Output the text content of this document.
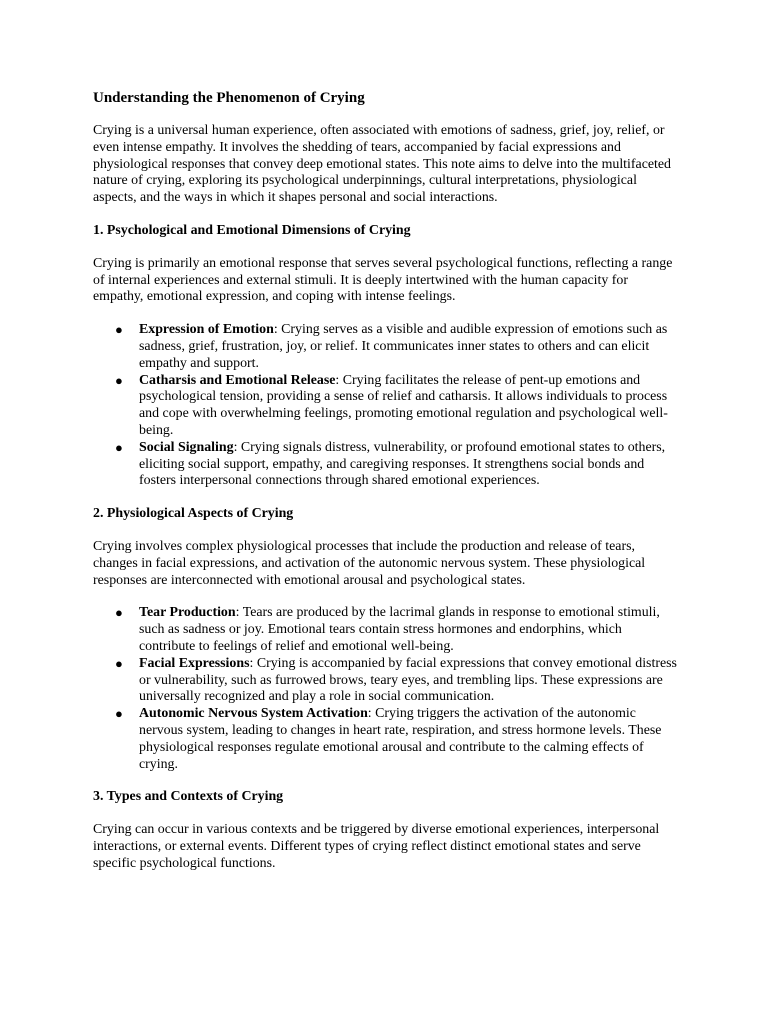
Understanding the Phenomenon of Crying

Crying is a universal human experience, often associated with emotions of sadness, grief, joy, relief, or even intense empathy. It involves the shedding of tears, accompanied by facial expressions and physiological responses that convey deep emotional states. This note aims to delve into the multifaceted nature of crying, exploring its psychological underpinnings, cultural interpretations, physiological aspects, and the ways in which it shapes personal and social interactions.

1. Psychological and Emotional Dimensions of Crying

Crying is primarily an emotional response that serves several psychological functions, reflecting a range of internal experiences and external stimuli. It is deeply intertwined with the human capacity for empathy, emotional expression, and coping with intense feelings.

● Expression of Emotion: Crying serves as a visible and audible expression of emotions such as sadness, grief, frustration, joy, or relief. It communicates inner states to others and can elicit empathy and support.
● Catharsis and Emotional Release: Crying facilitates the release of pent-up emotions and psychological tension, providing a sense of relief and catharsis. It allows individuals to process and cope with overwhelming feelings, promoting emotional regulation and psychological well-being.
● Social Signaling: Crying signals distress, vulnerability, or profound emotional states to others, eliciting social support, empathy, and caregiving responses. It strengthens social bonds and fosters interpersonal connections through shared emotional experiences.
2. Physiological Aspects of Crying

Crying involves complex physiological processes that include the production and release of tears, changes in facial expressions, and activation of the autonomic nervous system. These physiological responses are interconnected with emotional arousal and psychological states.

● Tear Production: Tears are produced by the lacrimal glands in response to emotional stimuli, such as sadness or joy. Emotional tears contain stress hormones and endorphins, which contribute to feelings of relief and emotional well-being.
● Facial Expressions: Crying is accompanied by facial expressions that convey emotional distress or vulnerability, such as furrowed brows, teary eyes, and trembling lips. These expressions are universally recognized and play a role in social communication.
● Autonomic Nervous System Activation: Crying triggers the activation of the autonomic nervous system, leading to changes in heart rate, respiration, and stress hormone levels. These physiological responses regulate emotional arousal and contribute to the calming effects of crying.
3. Types and Contexts of Crying

Crying can occur in various contexts and be triggered by diverse emotional experiences, interpersonal interactions, or external events. Different types of crying reflect distinct emotional states and serve specific psychological functions.
